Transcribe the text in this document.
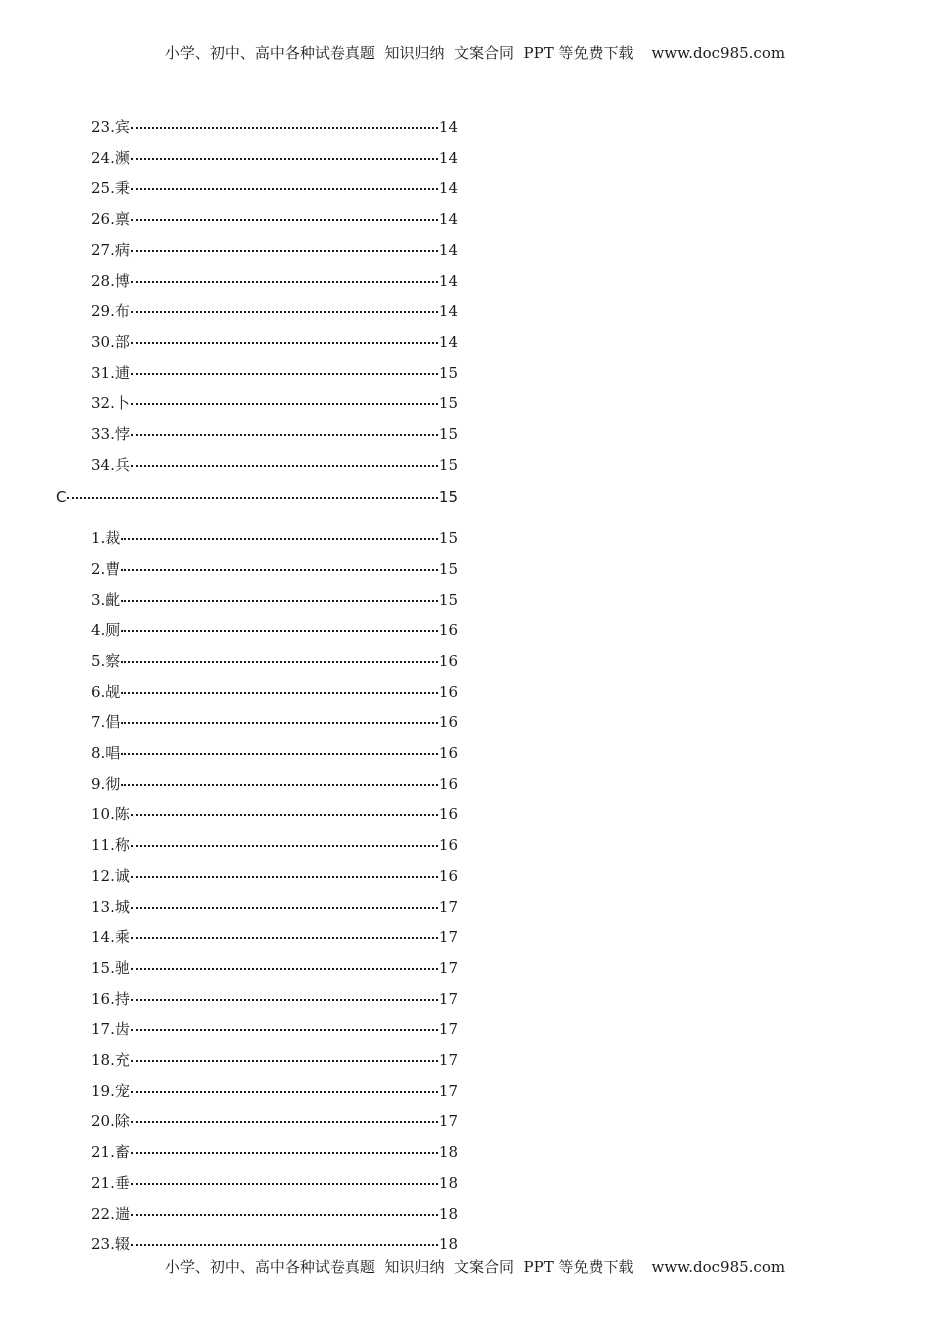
小学、初中、高中各种试卷真题  知识归纳  文案合同  PPT 等免费下载 www.doc985.com
23.宾	14
24.濒	14
25.秉	14
26.禀	14
27.病	14
28.博	14
29.布	14
30.部	14
31.逋	15
32.卜	15
33.悖	15
34.兵	15
C	15
1.裁	15
2.曹	15
3.齔	15
4.厕	16
5.察	16
6.觇	16
7.倡	16
8.唱	16
9.彻	16
10.陈	16
11.称	16
12.诚	16
13.城	17
14.乘	17
15.驰	17
16.持	17
17.齿	17
18.充	17
19.宠	17
20.除	17
21.畜	18
21.垂	18
22.遄	18
23.辍	18
小学、初中、高中各种试卷真题  知识归纳  文案合同  PPT 等免费下载 www.doc985.com
